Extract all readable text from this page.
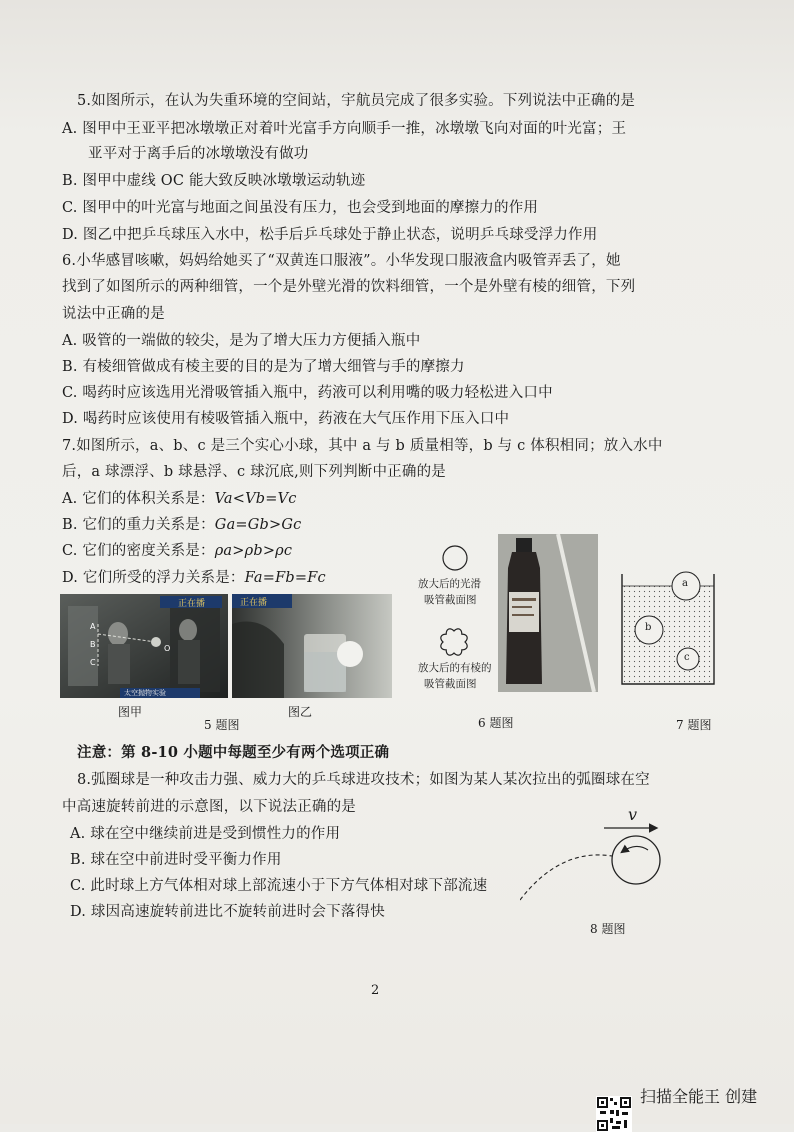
5.如图所示，在认为失重环境的空间站，宇航员完成了很多实验。下列说法中正确的是
A. 图甲中王亚平把冰墩墩正对着叶光富手方向顺手一推，冰墩墩飞向对面的叶光富；王
亚平对于离手后的冰墩墩没有做功
B. 图甲中虚线 OC 能大致反映冰墩墩运动轨迹
C. 图甲中的叶光富与地面之间虽没有压力，也会受到地面的摩擦力的作用
D. 图乙中把乒乓球压入水中，松手后乒乓球处于静止状态，说明乒乓球受浮力作用
6.小华感冒咳嗽，妈妈给她买了“双黄连口服液”。小华发现口服液盒内吸管弄丢了，她
找到了如图所示的两种细管，一个是外壁光滑的饮料细管，一个是外壁有棱的细管，下列
说法中正确的是
A. 吸管的一端做的较尖，是为了增大压力方便插入瓶中
B. 有棱细管做成有棱主要的目的是为了增大细管与手的摩擦力
C. 喝药时应该选用光滑吸管插入瓶中，药液可以利用嘴的吸力轻松进入口中
D. 喝药时应该使用有棱吸管插入瓶中，药液在大气压作用下压入口中
7.如图所示，a、b、c 是三个实心小球，其中 a 与 b 质量相等，b 与 c 体积相同；放入水中
后，a 球漂浮、b 球悬浮、c 球沉底,则下列判断中正确的是
A. 它们的体积关系是：Va<Vb=Vc
B. 它们的重力关系是：Ga=Gb>Gc
C. 它们的密度关系是：ρa>ρb>ρc
D. 它们所受的浮力关系是：Fa=Fb=Fc
正在播
太空抛物实验
A
B
C
O
正在播
图甲	图乙
5 题图
放大后的光滑
吸管截面图
放大后的有棱的
吸管截面图
6 题图
a
b
c
7 题图
注意：第 8-10 小题中每题至少有两个选项正确
8.弧圈球是一种攻击力强、威力大的乒乓球进攻技术；如图为某人某次拉出的弧圈球在空
中高速旋转前进的示意图，以下说法正确的是
A. 球在空中继续前进是受到惯性力的作用
B. 球在空中前进时受平衡力作用
C. 此时球上方气体相对球上部流速小于下方气体相对球下部流速
D. 球因高速旋转前进比不旋转前进时会下落得快
v
8 题图
2
扫描全能王 创建
